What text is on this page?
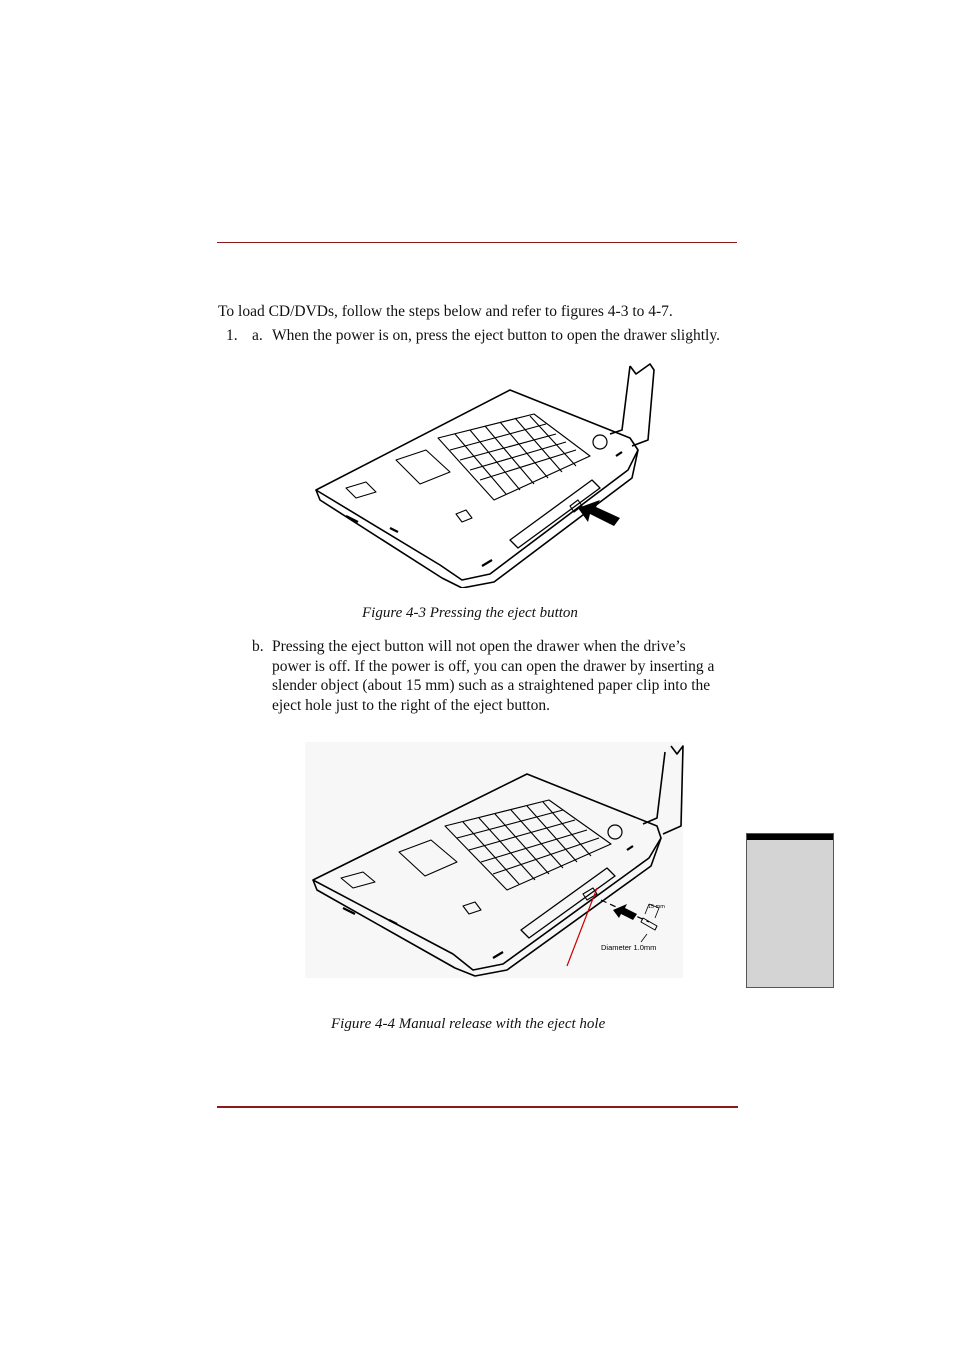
To load CD/DVDs, follow the steps below and refer to figures 4-3 to 4-7.
1. a. When the power is on, press the eject button to open the drawer slightly.
Figure 4-3 Pressing the eject button
b. Pressing the eject button will not open the drawer when the drive’s
power is off. If the power is off, you can open the drawer by inserting a
slender object (about 15 mm) such as a straightened paper clip into the
eject hole just to the right of the eject button.
15 mm
Diameter 1.0mm
Figure 4-4 Manual release with the eject hole
